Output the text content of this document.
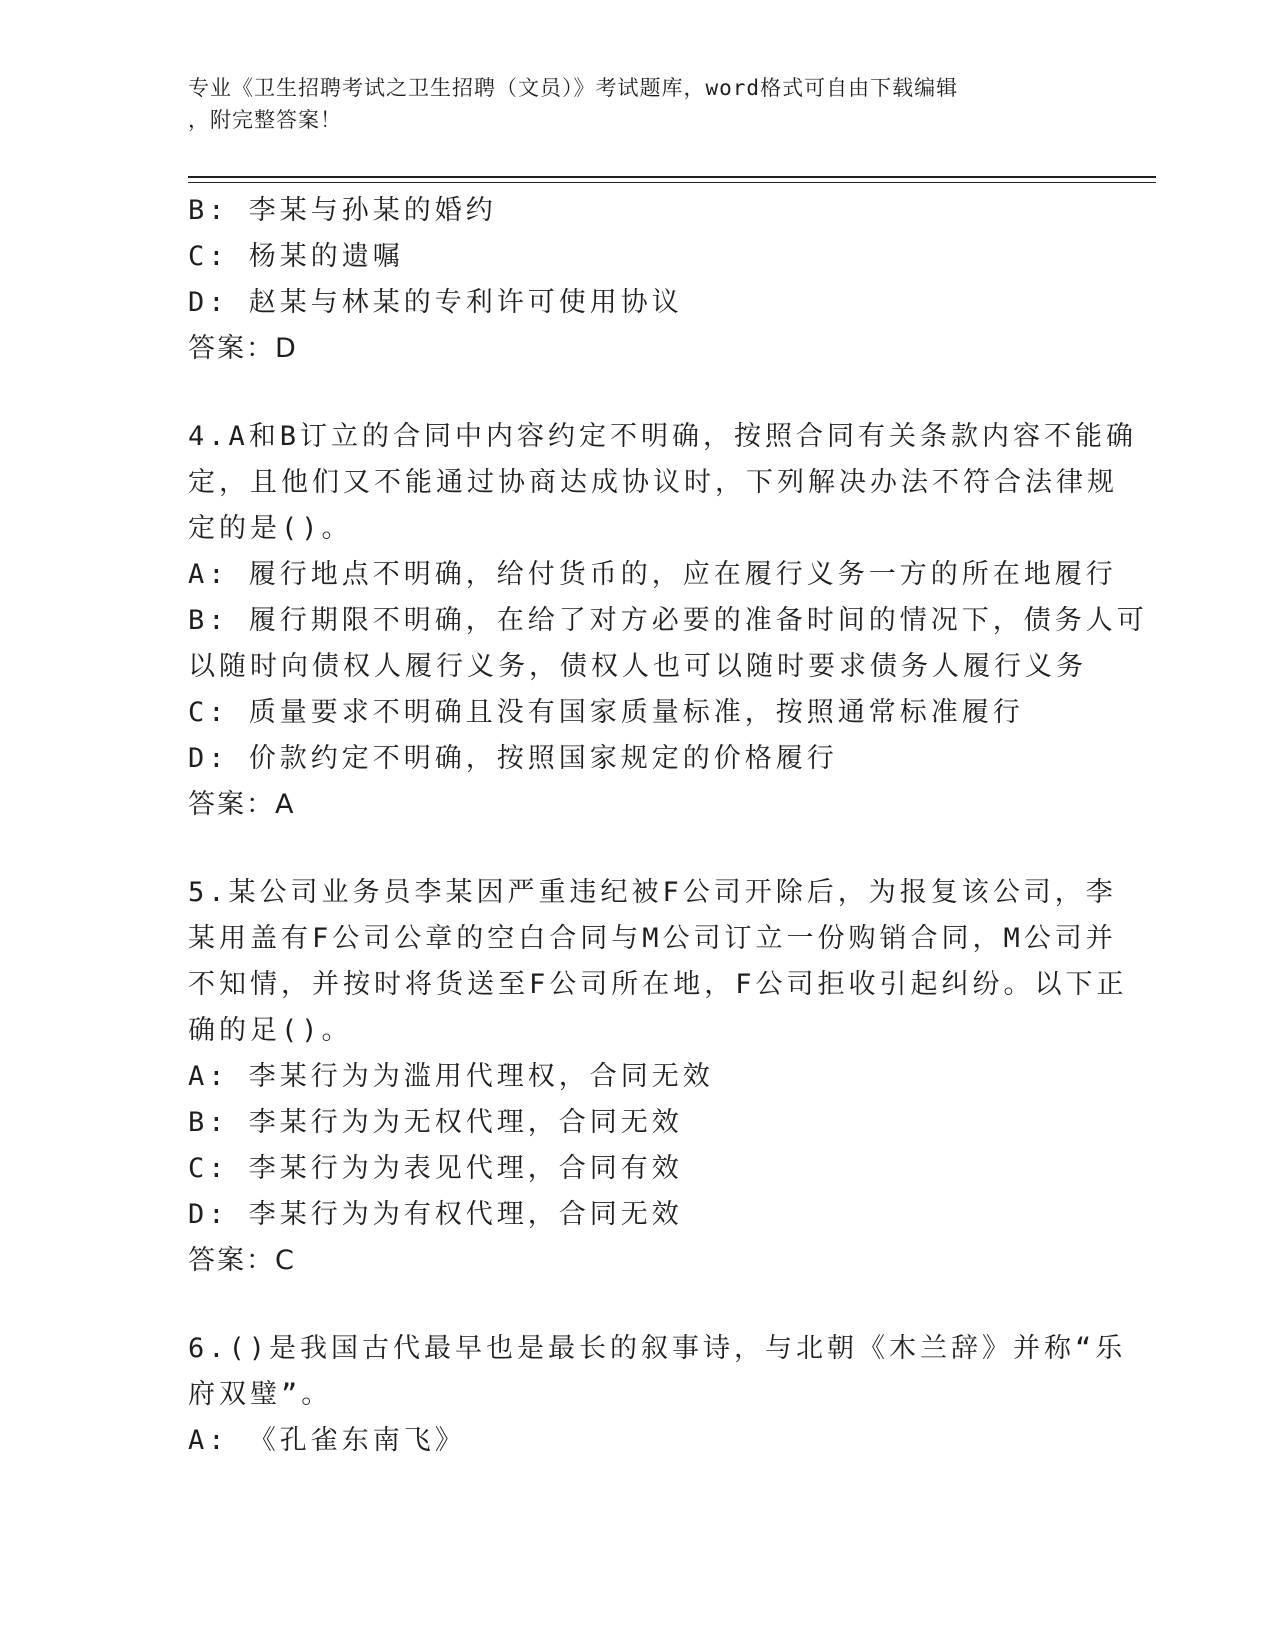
专业《卫生招聘考试之卫生招聘（文员）》考试题库，word格式可自由下载编辑
，附完整答案！
B: 李某与孙某的婚约
C: 杨某的遗嘱
D: 赵某与林某的专利许可使用协议
答案：D
4.A和B订立的合同中内容约定不明确，按照合同有关条款内容不能确
定，且他们又不能通过协商达成协议时，下列解决办法不符合法律规
定的是()。
A: 履行地点不明确，给付货币的，应在履行义务一方的所在地履行
B: 履行期限不明确，在给了对方必要的准备时间的情况下，债务人可
以随时向债权人履行义务，债权人也可以随时要求债务人履行义务
C: 质量要求不明确且没有国家质量标准，按照通常标准履行
D: 价款约定不明确，按照国家规定的价格履行
答案：A
5.某公司业务员李某因严重违纪被F公司开除后，为报复该公司，李
某用盖有F公司公章的空白合同与M公司订立一份购销合同，M公司并
不知情，并按时将货送至F公司所在地，F公司拒收引起纠纷。以下正
确的足()。
A: 李某行为为滥用代理权，合同无效
B: 李某行为为无权代理，合同无效
C: 李某行为为表见代理，合同有效
D: 李某行为为有权代理，合同无效
答案：C
6.()是我国古代最早也是最长的叙事诗，与北朝《木兰辞》并称“乐
府双璧”。
A: 《孔雀东南飞》
